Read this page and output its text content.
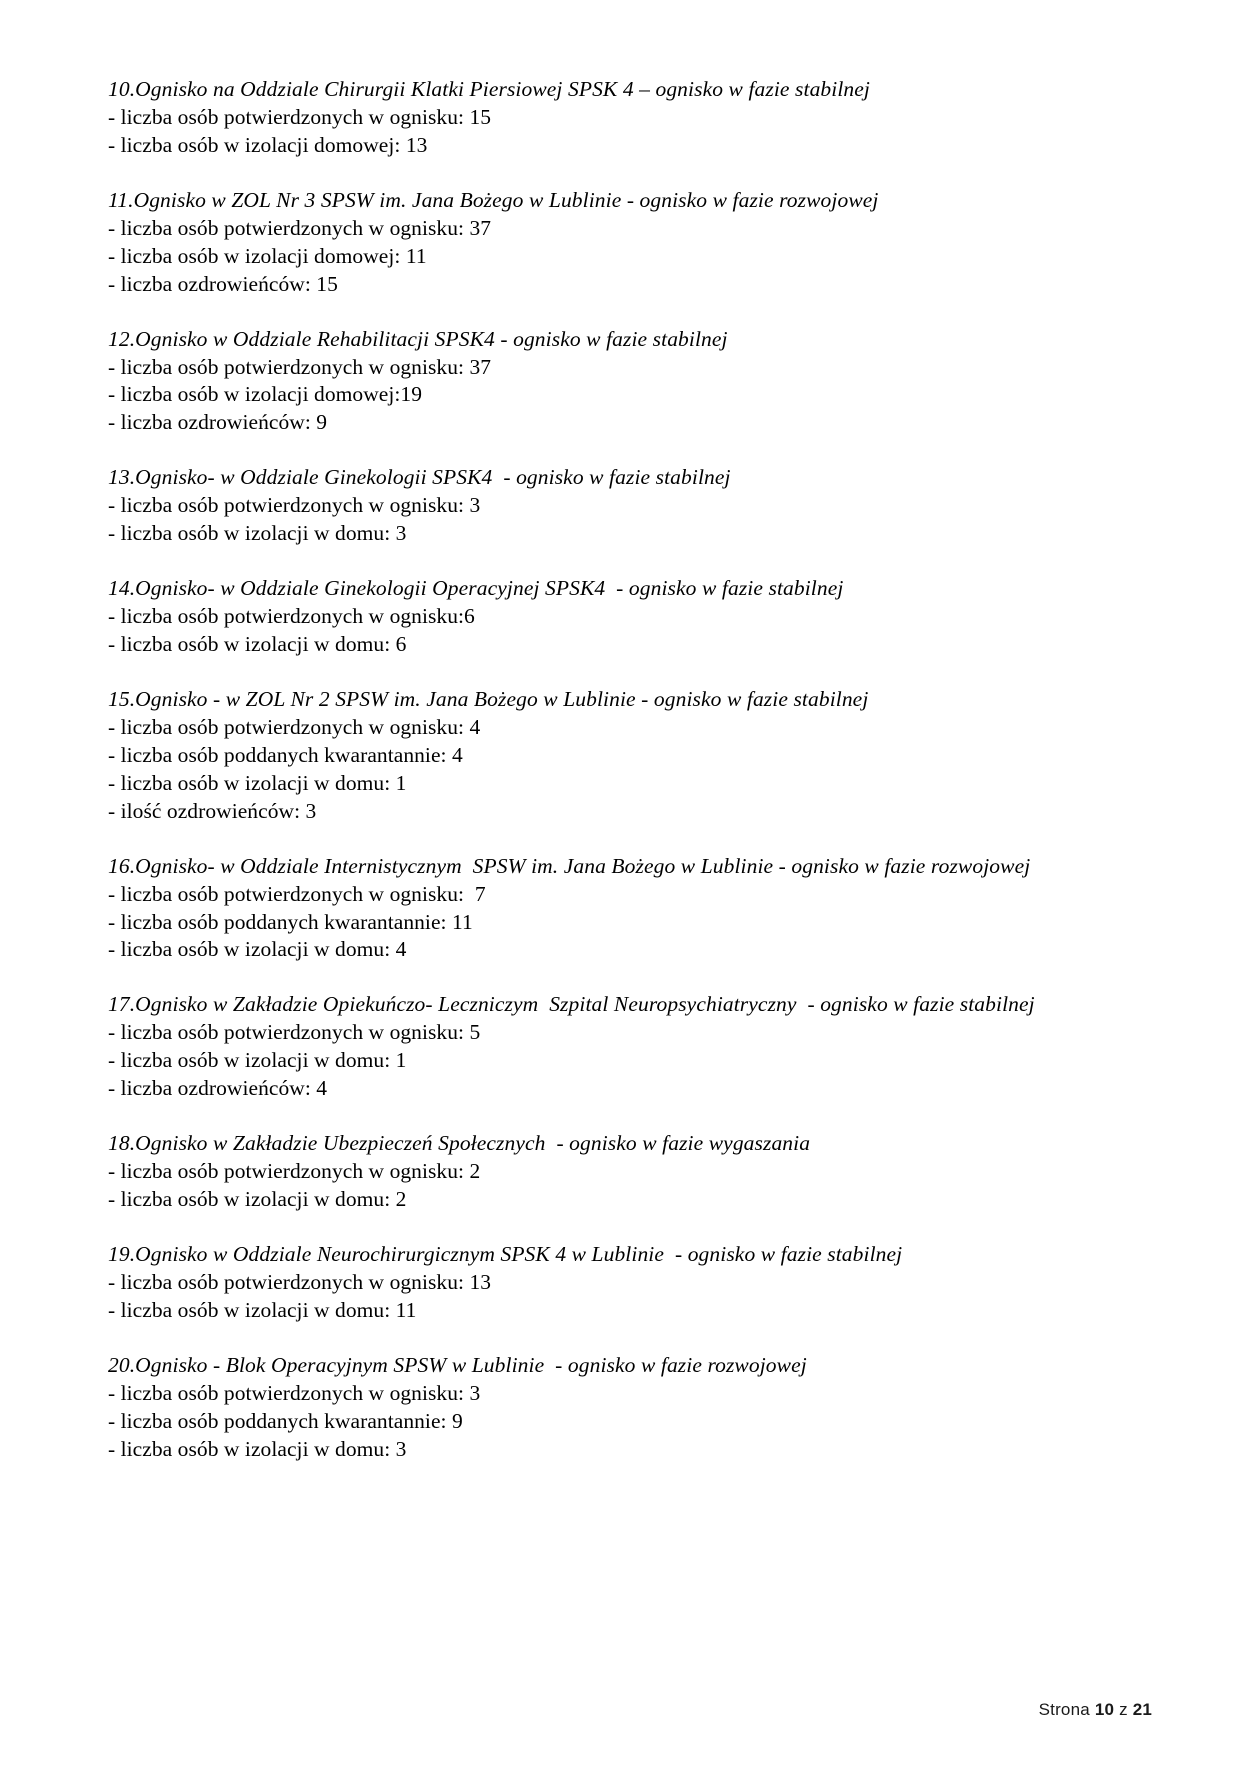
10.Ognisko na Oddziale Chirurgii Klatki Piersiowej SPSK 4 – ognisko w fazie stabilnej
- liczba osób potwierdzonych w ognisku: 15
- liczba osób w izolacji domowej: 13
11.Ognisko w ZOL Nr 3 SPSW im. Jana Bożego w Lublinie - ognisko w fazie rozwojowej
- liczba osób potwierdzonych w ognisku: 37
- liczba osób w izolacji domowej: 11
- liczba ozdrowieńców: 15
12.Ognisko w Oddziale Rehabilitacji SPSK4 - ognisko w fazie stabilnej
- liczba osób potwierdzonych w ognisku: 37
- liczba osób w izolacji domowej:19
- liczba ozdrowieńców: 9
13.Ognisko- w Oddziale Ginekologii SPSK4  - ognisko w fazie stabilnej
- liczba osób potwierdzonych w ognisku: 3
- liczba osób w izolacji w domu: 3
14.Ognisko- w Oddziale Ginekologii Operacyjnej SPSK4  - ognisko w fazie stabilnej
- liczba osób potwierdzonych w ognisku:6
- liczba osób w izolacji w domu: 6
15.Ognisko - w ZOL Nr 2 SPSW im. Jana Bożego w Lublinie - ognisko w fazie stabilnej
- liczba osób potwierdzonych w ognisku: 4
- liczba osób poddanych kwarantannie: 4
- liczba osób w izolacji w domu: 1
- ilość ozdrowieńców: 3
16.Ognisko- w Oddziale Internistycznym  SPSW im. Jana Bożego w Lublinie - ognisko w fazie rozwojowej
- liczba osób potwierdzonych w ognisku:  7
- liczba osób poddanych kwarantannie: 11
- liczba osób w izolacji w domu: 4
17.Ognisko w Zakładzie Opiekuńczo- Leczniczym  Szpital Neuropsychiatryczny  - ognisko w fazie stabilnej
- liczba osób potwierdzonych w ognisku: 5
- liczba osób w izolacji w domu: 1
- liczba ozdrowieńców: 4
18.Ognisko w Zakładzie Ubezpieczeń Społecznych  - ognisko w fazie wygaszania
- liczba osób potwierdzonych w ognisku: 2
- liczba osób w izolacji w domu: 2
19.Ognisko w Oddziale Neurochirurgicznym SPSK 4 w Lublinie  - ognisko w fazie stabilnej
- liczba osób potwierdzonych w ognisku: 13
- liczba osób w izolacji w domu: 11
20.Ognisko - Blok Operacyjnym SPSW w Lublinie  - ognisko w fazie rozwojowej
- liczba osób potwierdzonych w ognisku: 3
- liczba osób poddanych kwarantannie: 9
- liczba osób w izolacji w domu: 3
Strona 10 z 21
